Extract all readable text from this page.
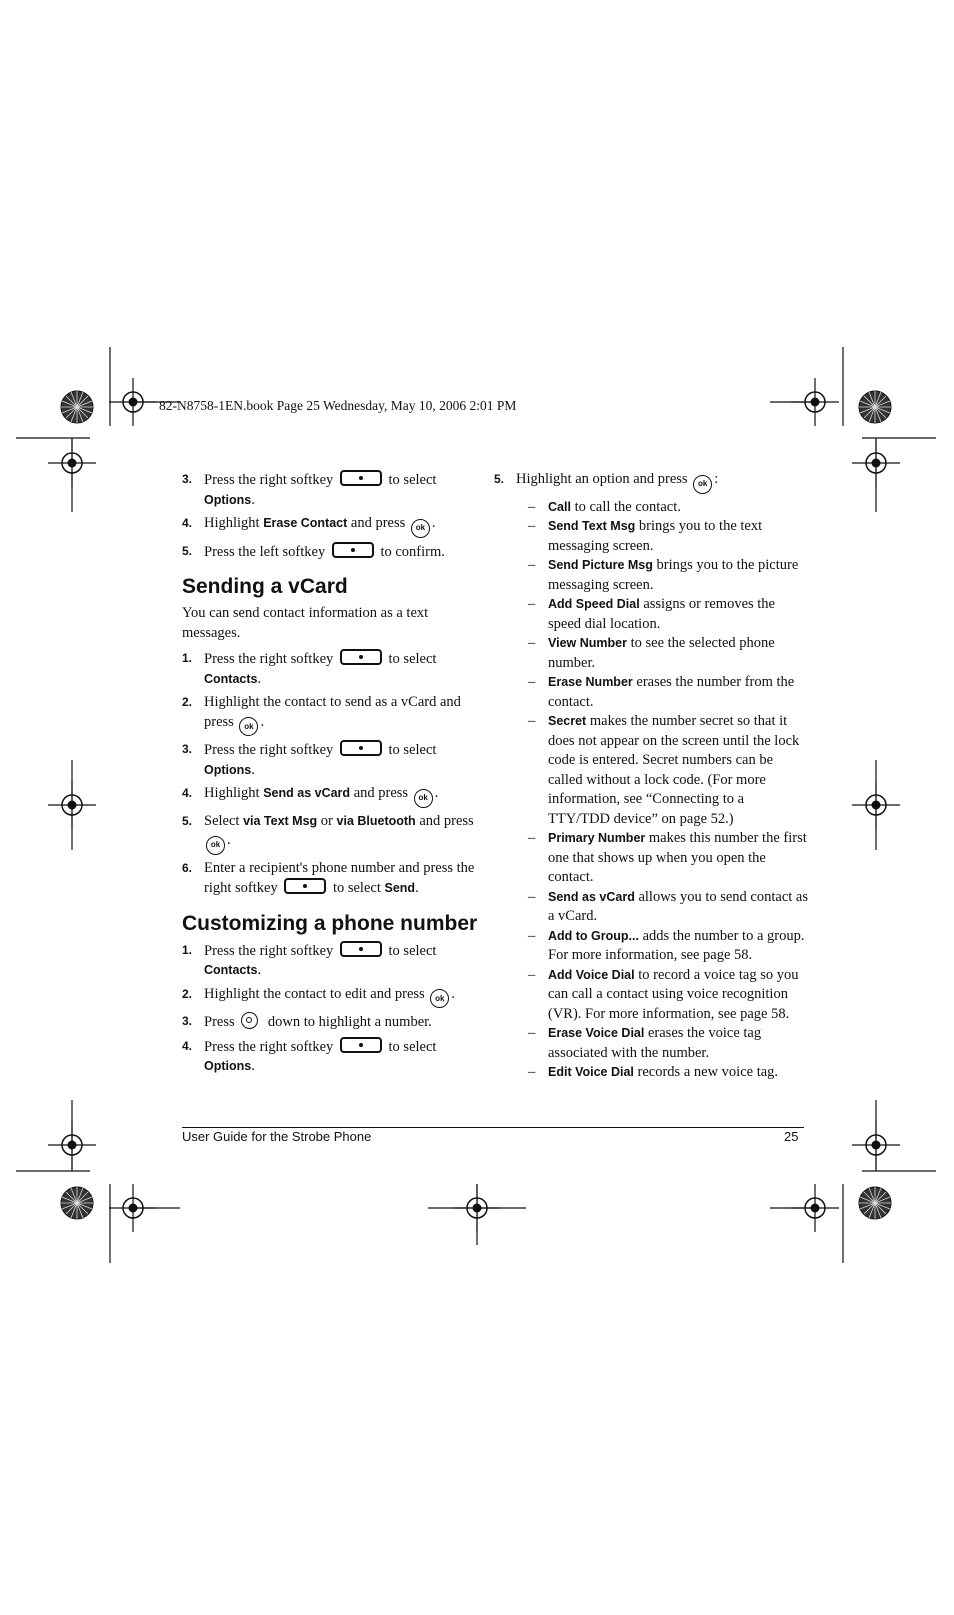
82-N8758-1EN.book Page 25 Wednesday, May 10, 2006 2:01 PM
3. Press the right softkey	to select Options.
4. Highlight Erase Contact and press ok .
5. Press the left softkey	to confirm.
Sending a vCard

You can send contact information as a text messages.

1. Press the right softkey	to select Contacts.
2. Highlight the contact to send as a vCard and press ok .
3. Press the right softkey	to select Options.
4. Highlight Send as vCard and press ok .
5. Select via Text Msg or via Bluetooth and press ok .
6. Enter a recipient's phone number and press the right softkey	to select Send.
Customizing a phone number
1. Press the right softkey	to select Contacts.
2. Highlight the contact to edit and press ok .
3. Press down to highlight a number.
4. Press the right softkey	to select Options.
5. Highlight an option and press ok :
– Call to call the contact.
– Send Text Msg brings you to the text messaging screen.
– Send Picture Msg brings you to the picture messaging screen.
– Add Speed Dial assigns or removes the speed dial location.
– View Number to see the selected phone number.
– Erase Number erases the number from the contact.
– Secret makes the number secret so that it does not appear on the screen until the lock code is entered. Secret numbers can be called without a lock code. (For more information, see “Connecting to a TTY/TDD device” on page 52.)
– Primary Number makes this number the first one that shows up when you open the contact.
– Send as vCard allows you to send contact as a vCard.
– Add to Group... adds the number to a group. For more information, see page 58.
– Add Voice Dial to record a voice tag so you can call a contact using voice recognition (VR). For more information, see page 58.
– Erase Voice Dial erases the voice tag associated with the number.
– Edit Voice Dial records a new voice tag.
User Guide for the Strobe Phone	25
